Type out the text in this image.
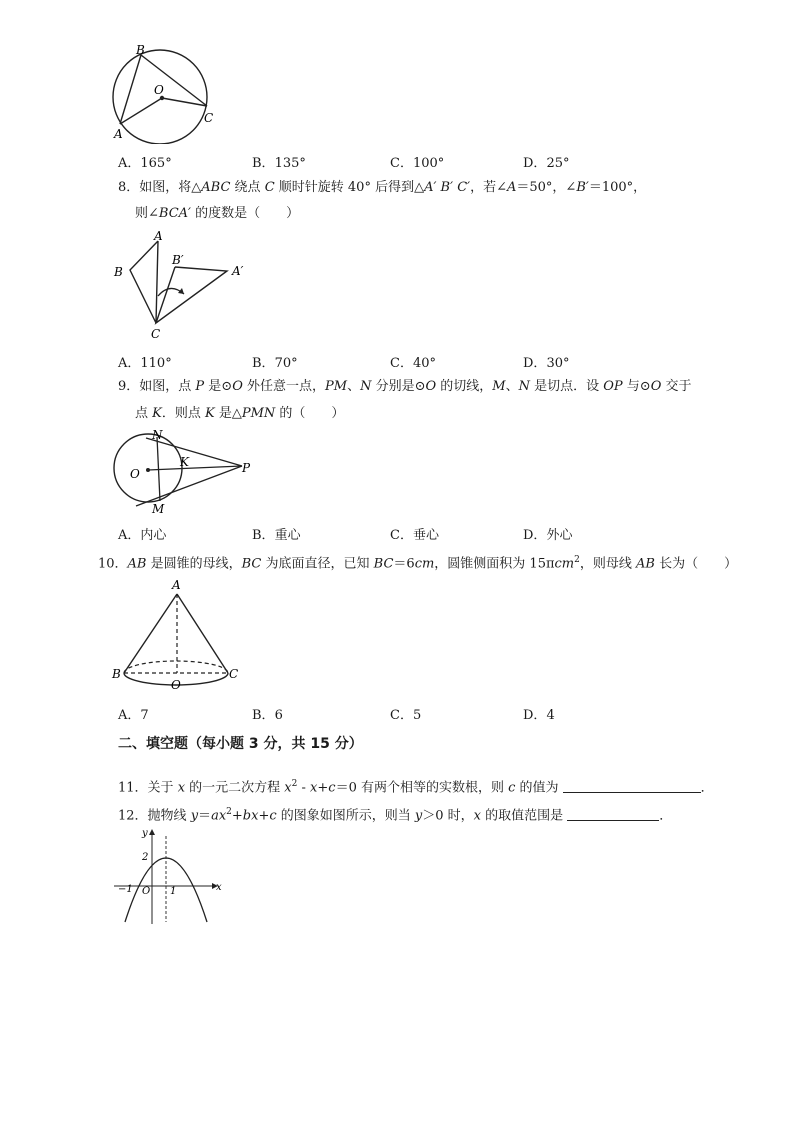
B
O
A
C
A．165°	B．135°	C．100°	D．25°
8．如图，将△ABC 绕点 C 顺时针旋转 40° 后得到△A′ B′ C′，若∠A＝50°，∠B′＝100°，
则∠BCA′ 的度数是（　　）
A
B
B′
A′
C
A．110°	B．70°	C．40°	D．30°
9．如图，点 P 是⊙O 外任意一点，PM、N 分别是⊙O 的切线，M、N 是切点．设 OP 与⊙O 交于
点 K．则点 K 是△PMN 的（　　）
N
K
O	P
M
A．内心	B．重心	C．垂心	D．外心
10．AB 是圆锥的母线，BC 为底面直径，已知 BC＝6cm，圆锥侧面积为 15πcm$^2$，则母线 AB 长为（　　）
A
B
O
C
A．7	B．6	C．5	D．4
二、填空题（每小题 3 分，共 15 分）
11．关于 x 的一元二次方程 $x^2 - x+c=0$ 有两个相等的实数根，则 c 的值为	．
12．抛物线 $y=ax^2+bx+c$ 的图象如图所示，则当 y＞0 时，x 的取值范围是	．
y
x
2
−1 O 1
